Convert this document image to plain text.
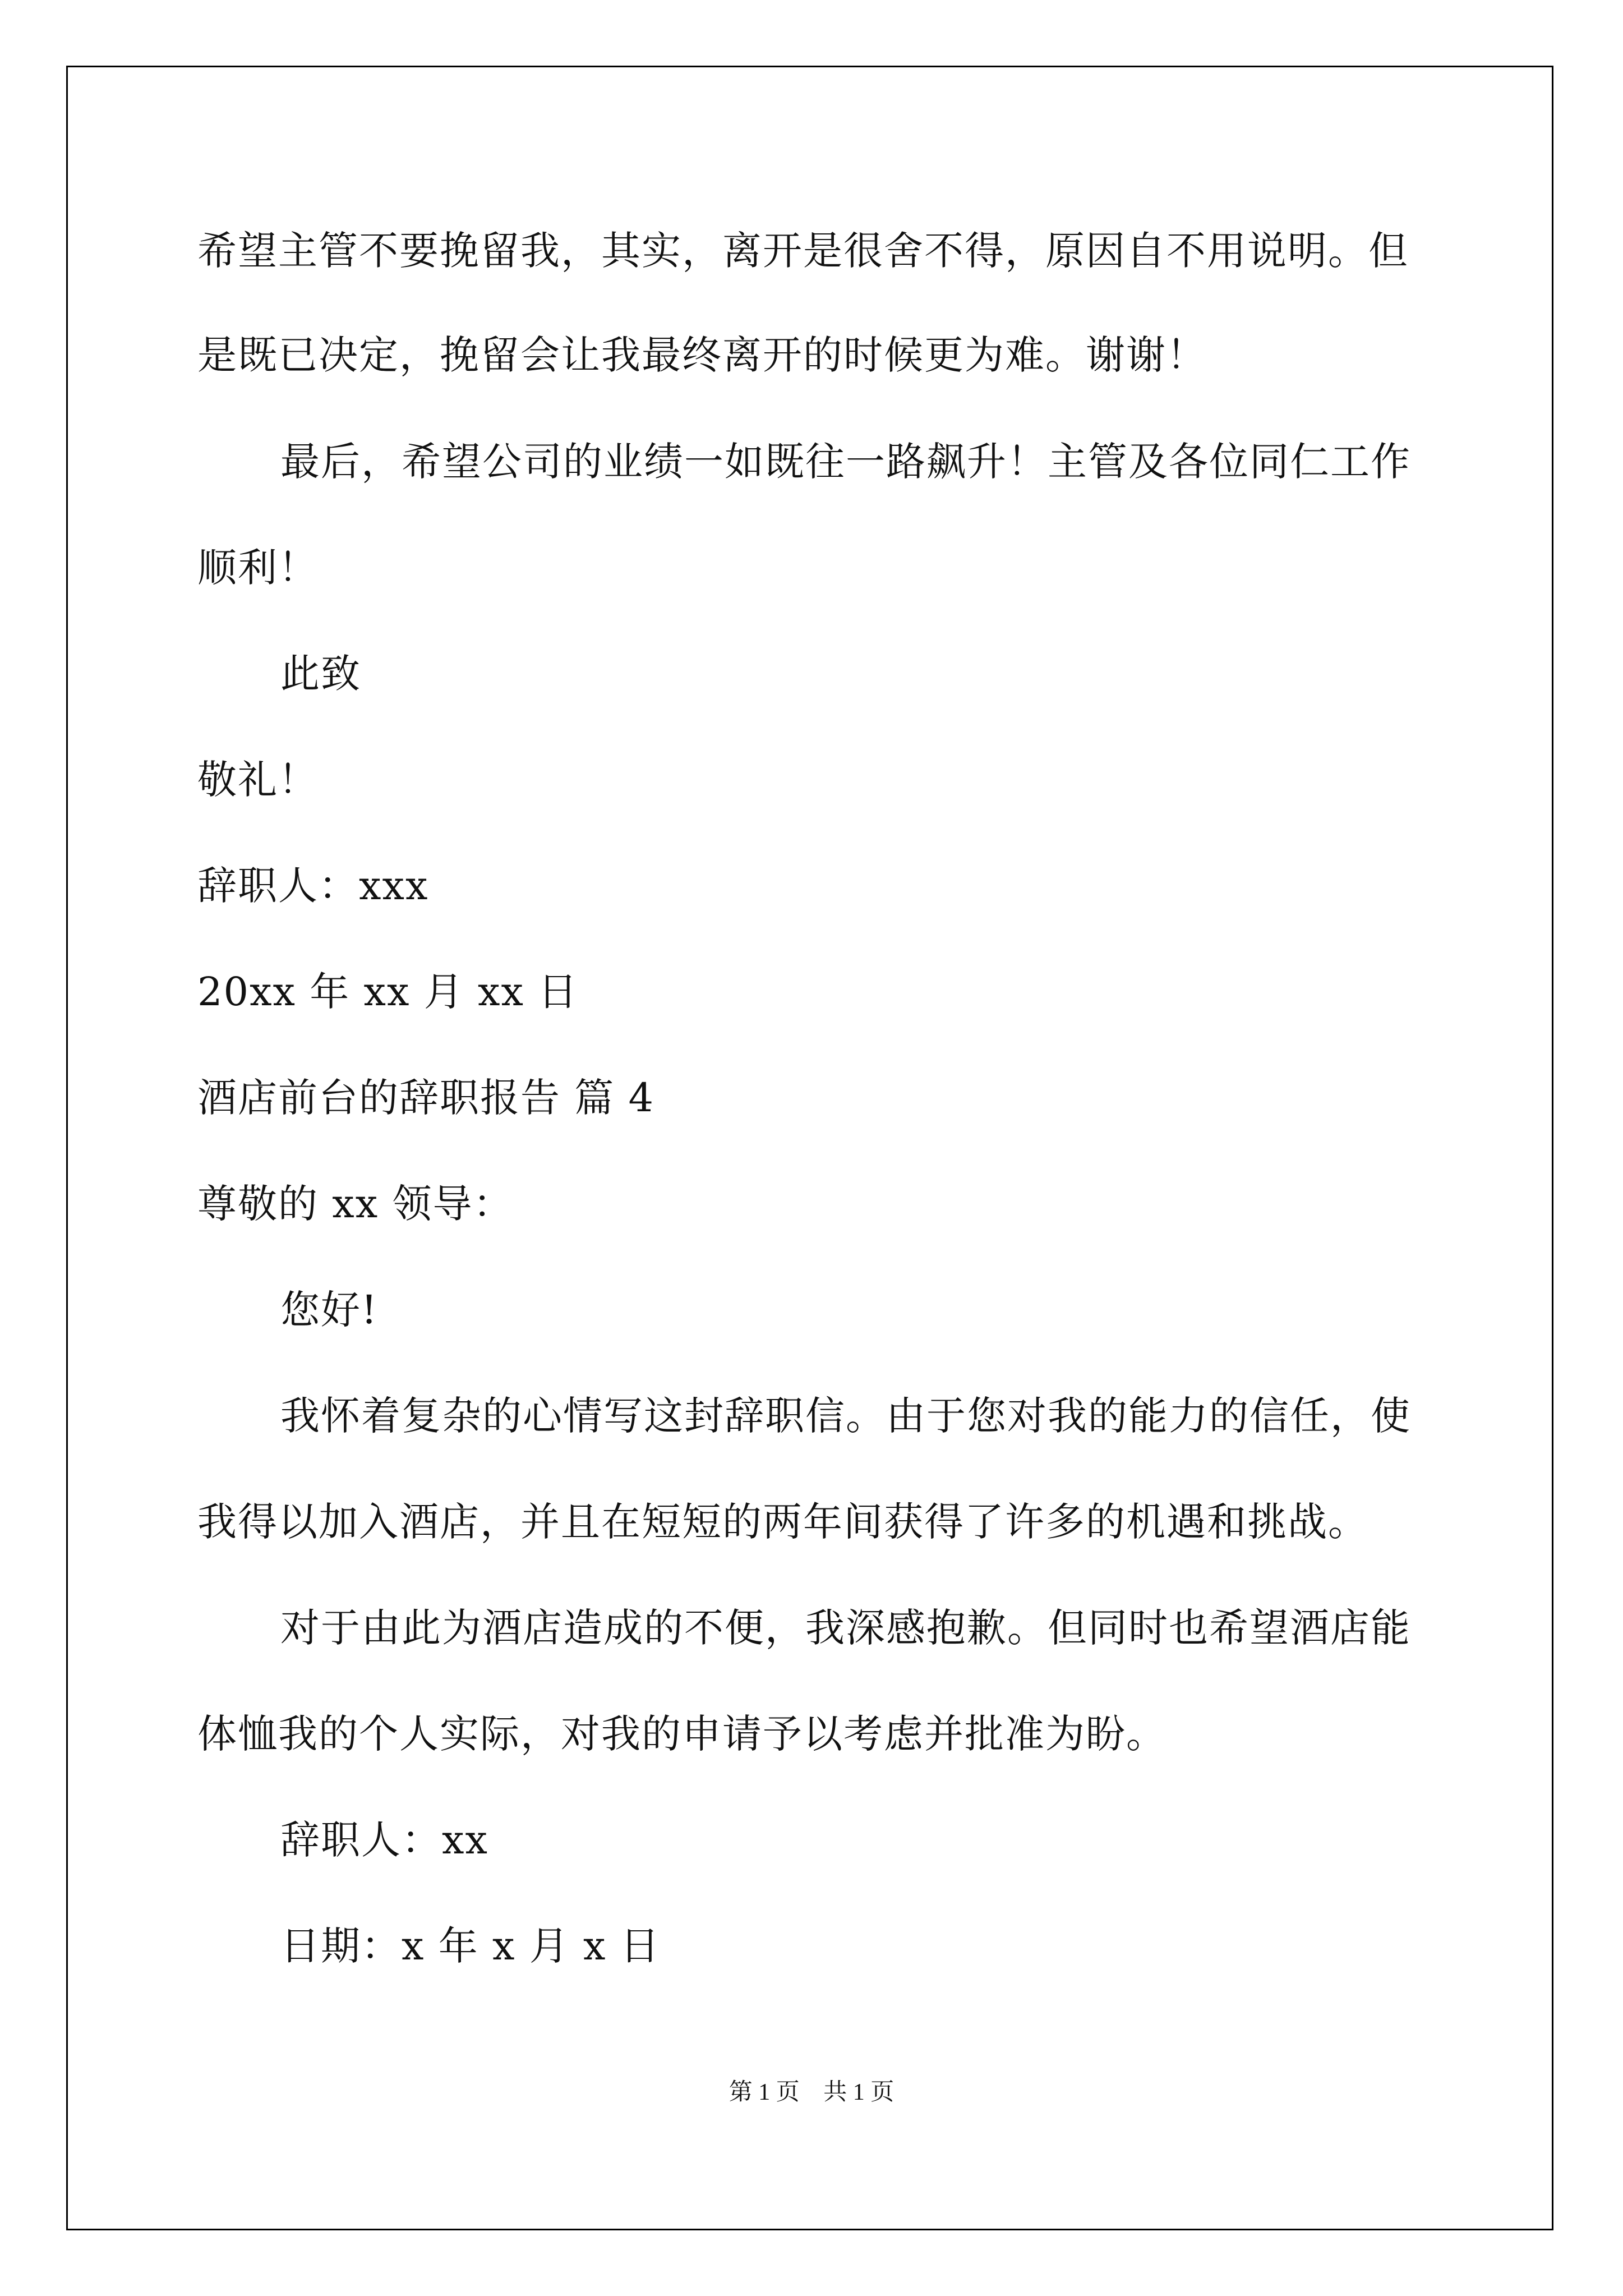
希望主管不要挽留我，其实，离开是很舍不得，原因自不用说明。但
是既已决定，挽留会让我最终离开的时候更为难。谢谢！
最后，希望公司的业绩一如既往一路飙升！主管及各位同仁工作
顺利！
此致
敬礼！
辞职人：xxx
20xx 年 xx 月 xx 日
酒店前台的辞职报告 篇 4
尊敬的 xx 领导：
您好!
我怀着复杂的心情写这封辞职信。由于您对我的能力的信任，使
我得以加入酒店，并且在短短的两年间获得了许多的机遇和挑战。
对于由此为酒店造成的不便，我深感抱歉。但同时也希望酒店能
体恤我的个人实际，对我的申请予以考虑并批准为盼。
辞职人：xx
日期：x 年 x 月 x 日
第 1 页 共 1 页
